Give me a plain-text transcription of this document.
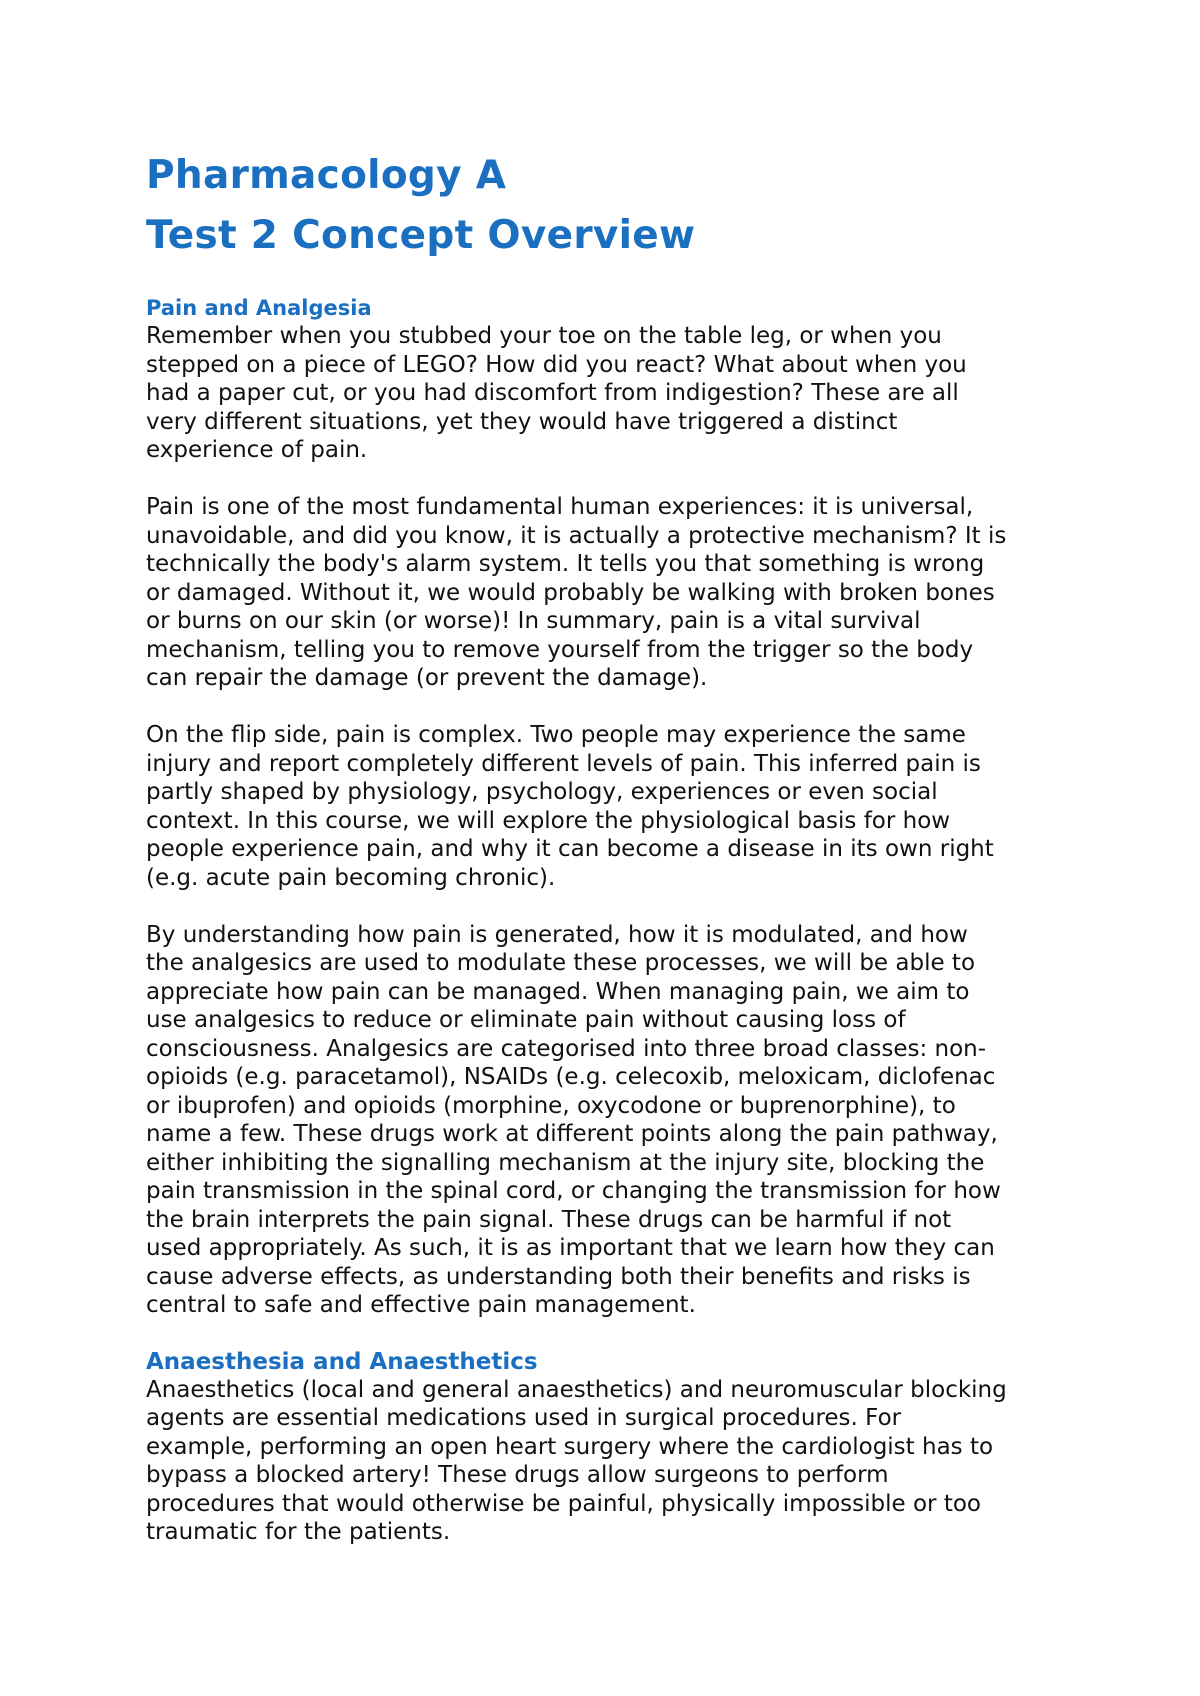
Pharmacology A
Test 2 Concept Overview
Pain and Analgesia

Remember when you stubbed your toe on the table leg, or when you
stepped on a piece of LEGO? How did you react? What about when you
had a paper cut, or you had discomfort from indigestion? These are all
very different situations, yet they would have triggered a distinct
experience of pain.

Pain is one of the most fundamental human experiences: it is universal,
unavoidable, and did you know, it is actually a protective mechanism? It is
technically the body's alarm system. It tells you that something is wrong
or damaged. Without it, we would probably be walking with broken bones
or burns on our skin (or worse)! In summary, pain is a vital survival
mechanism, telling you to remove yourself from the trigger so the body
can repair the damage (or prevent the damage).

On the flip side, pain is complex. Two people may experience the same
injury and report completely different levels of pain. This inferred pain is
partly shaped by physiology, psychology, experiences or even social
context. In this course, we will explore the physiological basis for how
people experience pain, and why it can become a disease in its own right
(e.g. acute pain becoming chronic).

By understanding how pain is generated, how it is modulated, and how
the analgesics are used to modulate these processes, we will be able to
appreciate how pain can be managed. When managing pain, we aim to
use analgesics to reduce or eliminate pain without causing loss of
consciousness. Analgesics are categorised into three broad classes: non-
opioids (e.g. paracetamol), NSAIDs (e.g. celecoxib, meloxicam, diclofenac
or ibuprofen) and opioids (morphine, oxycodone or buprenorphine), to
name a few. These drugs work at different points along the pain pathway,
either inhibiting the signalling mechanism at the injury site, blocking the
pain transmission in the spinal cord, or changing the transmission for how
the brain interprets the pain signal. These drugs can be harmful if not
used appropriately. As such, it is as important that we learn how they can
cause adverse effects, as understanding both their benefits and risks is
central to safe and effective pain management.

Anaesthesia and Anaesthetics

Anaesthetics (local and general anaesthetics) and neuromuscular blocking
agents are essential medications used in surgical procedures. For
example, performing an open heart surgery where the cardiologist has to
bypass a blocked artery! These drugs allow surgeons to perform
procedures that would otherwise be painful, physically impossible or too
traumatic for the patients.
